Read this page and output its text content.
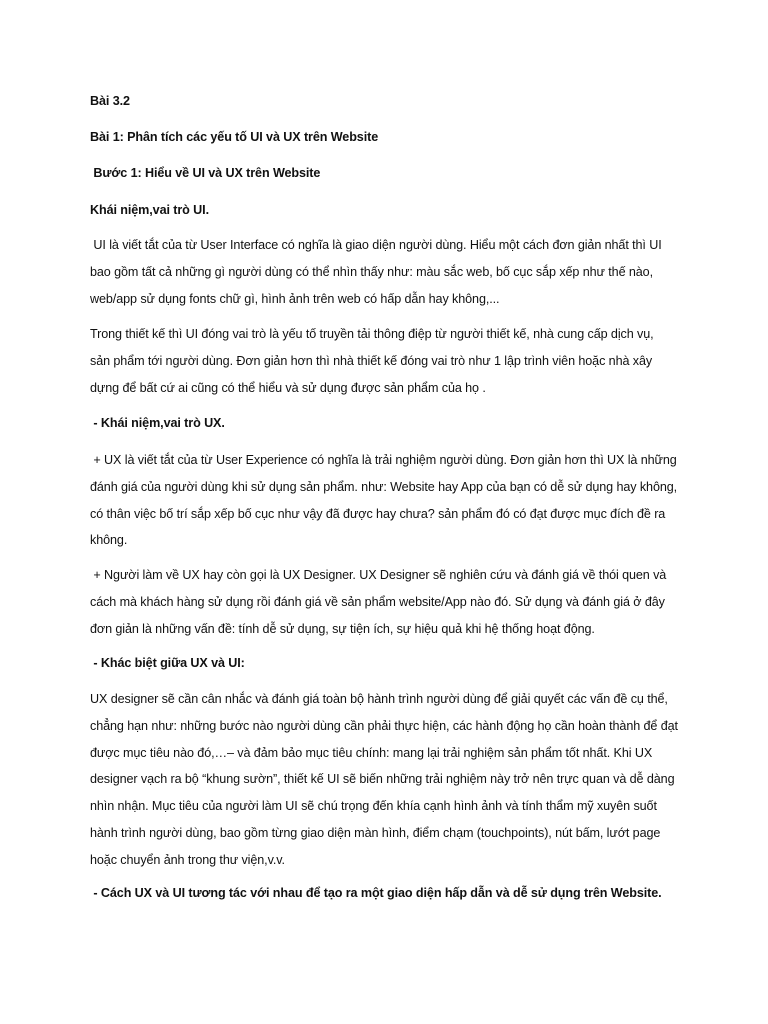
Bài 3.2
Bài 1: Phân tích các yếu tố UI và UX trên Website
Bước 1: Hiểu về UI và UX trên Website
Khái niệm,vai trò UI.
UI là viết tắt của từ User Interface có nghĩa là giao diện người dùng. Hiểu một cách đơn giản nhất thì UI
bao gồm tất cả những gì người dùng có thể nhìn thấy như: màu sắc web, bố cục sắp xếp như thế nào,
web/app sử dụng fonts chữ gì, hình ảnh trên web có hấp dẫn hay không,...
Trong thiết kế thì UI đóng vai trò là yếu tố truyền tải thông điệp từ người thiết kế, nhà cung cấp dịch vụ,
sản phẩm tới người dùng. Đơn giản hơn thì nhà thiết kế đóng vai trò như 1 lập trình viên hoặc nhà xây
dựng để bất cứ ai cũng có thể hiểu và sử dụng được sản phẩm của họ .
- Khái niệm,vai trò UX.
+ UX là viết tắt của từ User Experience có nghĩa là trải nghiệm người dùng. Đơn giản hơn thì UX là những
đánh giá của người dùng khi sử dụng sản phẩm. như: Website hay App của bạn có dễ sử dụng hay không,
có thân việc bố trí sắp xếp bố cục như vậy đã được hay chưa? sản phẩm đó có đạt được mục đích đề ra
không.
+ Người làm về UX hay còn gọi là UX Designer. UX Designer sẽ nghiên cứu và đánh giá về thói quen và
cách mà khách hàng sử dụng rồi đánh giá về sản phẩm website/App nào đó. Sử dụng và đánh giá ở đây
đơn giản là những vấn đề: tính dễ sử dụng, sự tiện ích, sự hiệu quả khi hệ thống hoạt động.
- Khác biệt giữa UX và UI:
UX designer sẽ cần cân nhắc và đánh giá toàn bộ hành trình người dùng để giải quyết các vấn đề cụ thể,
chẳng hạn như: những bước nào người dùng cần phải thực hiện, các hành động họ cần hoàn thành để đạt
được mục tiêu nào đó,…– và đảm bảo mục tiêu chính: mang lại trải nghiệm sản phẩm tốt nhất. Khi UX
designer vạch ra bộ “khung sườn”, thiết kế UI sẽ biến những trải nghiệm này trở nên trực quan và dễ dàng
nhìn nhận. Mục tiêu của người làm UI sẽ chú trọng đến khía cạnh hình ảnh và tính thẩm mỹ xuyên suốt
hành trình người dùng, bao gồm từng giao diện màn hình, điểm chạm (touchpoints), nút bấm, lướt page
hoặc chuyển ảnh trong thư viện,v.v.
- Cách UX và UI tương tác với nhau để tạo ra một giao diện hấp dẫn và dễ sử dụng trên Website.
